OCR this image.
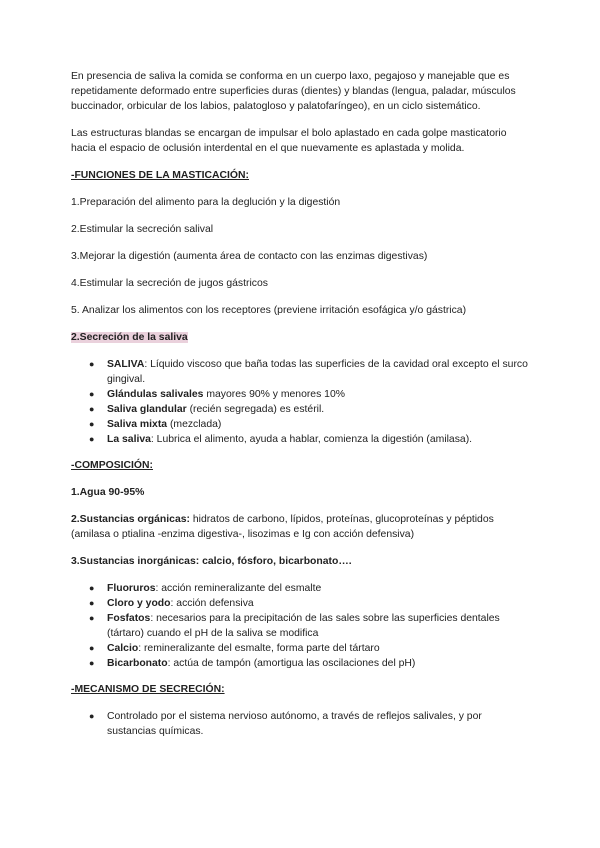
En presencia de saliva la comida se conforma en un cuerpo laxo, pegajoso y manejable que es repetidamente deformado entre superficies duras (dientes) y blandas (lengua, paladar, músculos buccinador, orbicular de los labios, palatogloso y palatofaríngeo), en un ciclo sistemático.

Las estructuras blandas se encargan de impulsar el bolo aplastado en cada golpe masticatorio hacia el espacio de oclusión interdental en el que nuevamente es aplastada y molida.

-FUNCIONES DE LA MASTICACIÓN:

1.Preparación del alimento para la deglución y la digestión

2.Estimular la secreción salival

3.Mejorar la digestión (aumenta área de contacto con las enzimas digestivas)

4.Estimular la secreción de jugos gástricos

5. Analizar los alimentos con los receptores (previene irritación esofágica y/o gástrica)

2.Secreción de la saliva

● SALIVA: Líquido viscoso que baña todas las superficies de la cavidad oral excepto el surco gingival.
● Glándulas salivales mayores 90% y menores 10%
● Saliva glandular (recién segregada) es estéril.
● Saliva mixta (mezclada)
● La saliva: Lubrica el alimento, ayuda a hablar, comienza la digestión (amilasa).

-COMPOSICIÓN:

1.Agua 90-95%

2.Sustancias orgánicas: hidratos de carbono, lípidos, proteínas, glucoproteínas y péptidos (amilasa o ptialina -enzima digestiva-, lisozimas e Ig con acción defensiva)

3.Sustancias inorgánicas: calcio, fósforo, bicarbonato….

● Fluoruros: acción remineralizante del esmalte
● Cloro y yodo: acción defensiva
● Fosfatos: necesarios para la precipitación de las sales sobre las superficies dentales (tártaro) cuando el pH de la saliva se modifica
● Calcio: remineralizante del esmalte, forma parte del tártaro
● Bicarbonato: actúa de tampón (amortigua las oscilaciones del pH)

-MECANISMO DE SECRECIÓN:

● Controlado por el sistema nervioso autónomo, a través de reflejos salivales, y por sustancias químicas.
